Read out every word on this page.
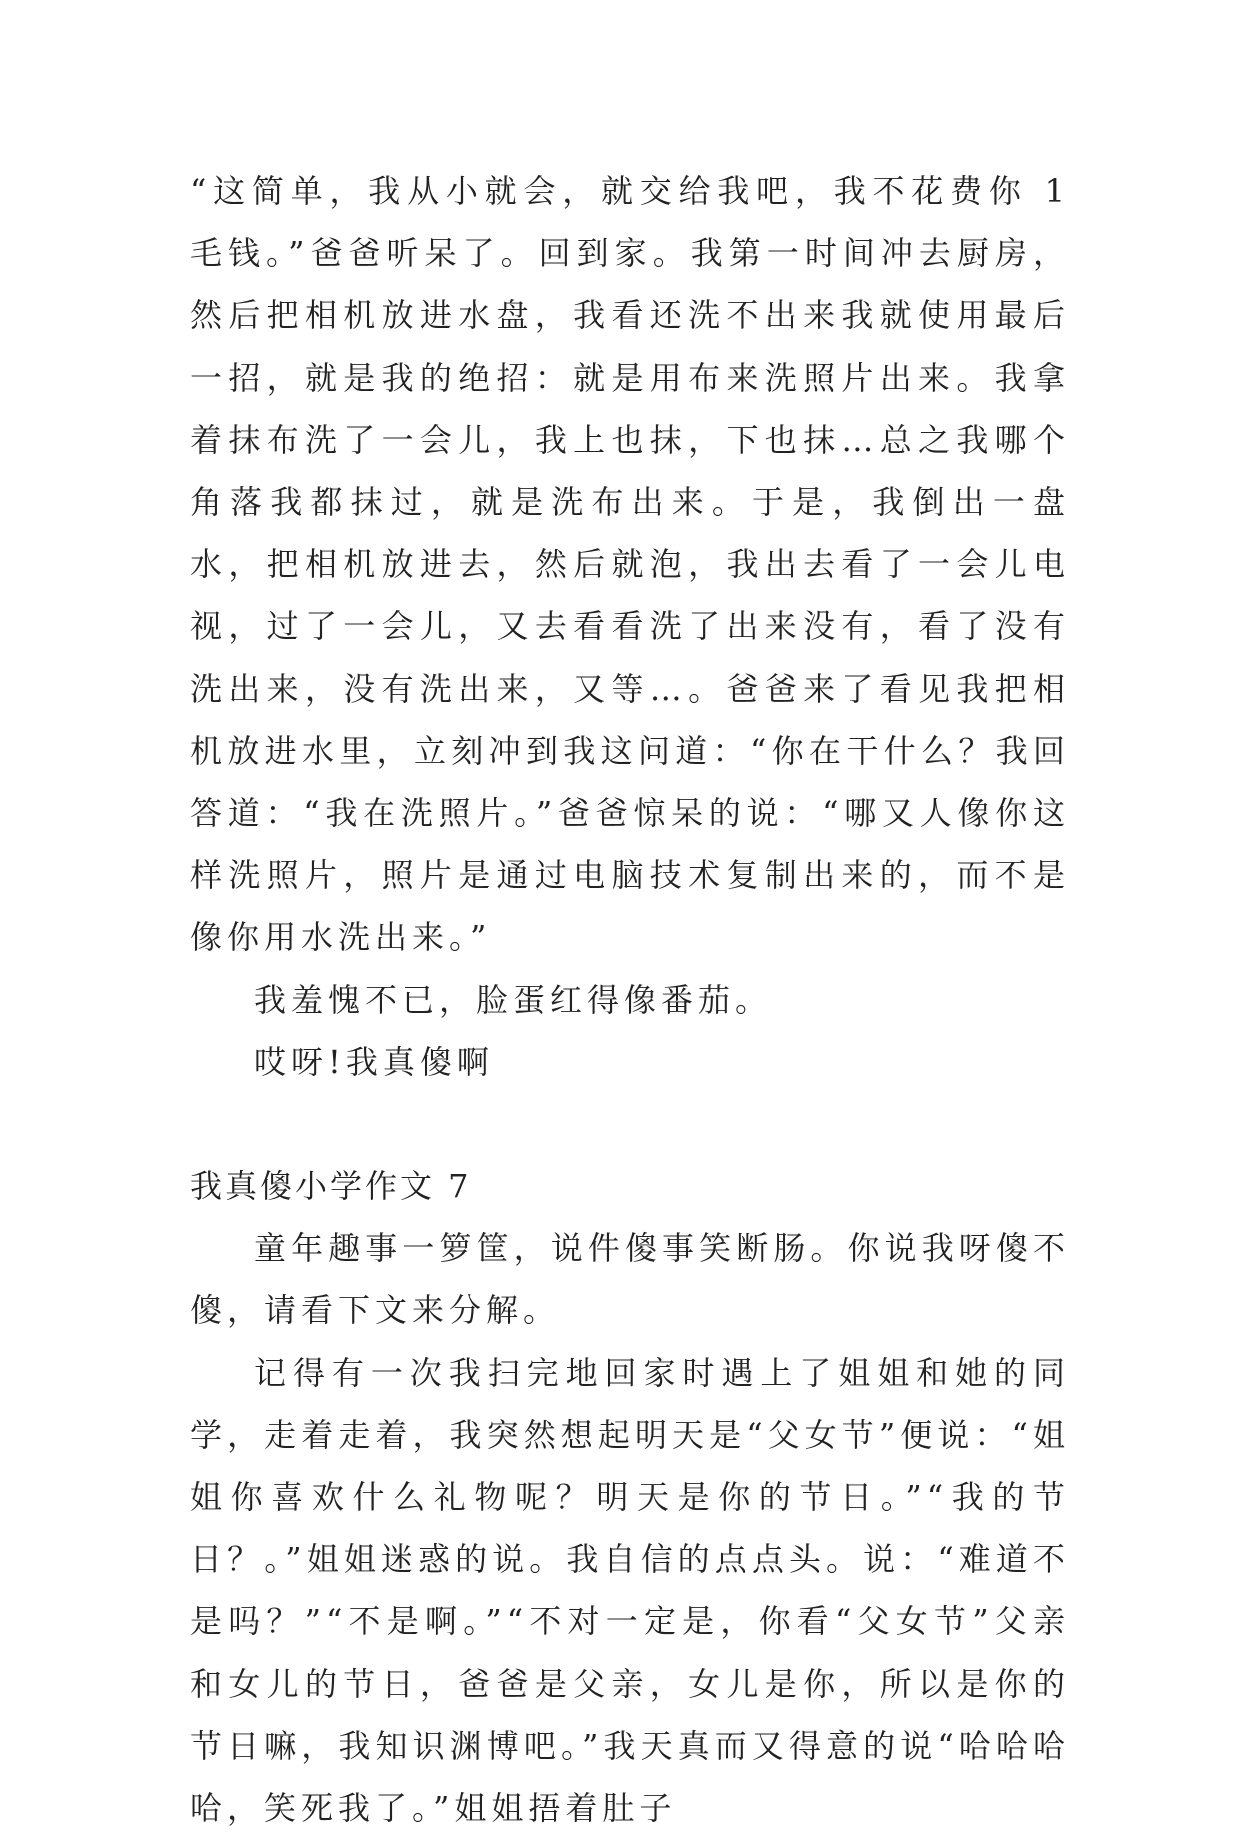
“这简单，我从小就会，就交给我吧，我不花费你 1 毛钱。”爸爸听呆了。回到家。我第一时间冲去厨房，然后把相机放进水盘，我看还洗不出来我就使用最后一招，就是我的绝招：就是用布来洗照片出来。我拿着抹布洗了一会儿，我上也抹，下也抹…总之我哪个角落我都抹过，就是洗布出来。于是，我倒出一盘水，把相机放进去，然后就泡，我出去看了一会儿电视，过了一会儿，又去看看洗了出来没有，看了没有洗出来，没有洗出来，又等…。爸爸来了看见我把相机放进水里，立刻冲到我这问道：“你在干什么？我回答道：“我在洗照片。”爸爸惊呆的说：“哪又人像你这样洗照片，照片是通过电脑技术复制出来的，而不是像你用水洗出来。”

我羞愧不已，脸蛋红得像番茄。

哎呀!我真傻啊

我真傻小学作文 7

童年趣事一箩筐，说件傻事笑断肠。你说我呀傻不傻，请看下文来分解。

记得有一次我扫完地回家时遇上了姐姐和她的同学，走着走着，我突然想起明天是“父女节”便说：“姐姐你喜欢什么礼物呢？明天是你的节日。”“我的节日？。”姐姐迷惑的说。我自信的点点头。说：“难道不是吗？”“不是啊。”“不对一定是，你看“父女节”父亲和女儿的节日，爸爸是父亲，女儿是你，所以是你的节日嘛，我知识渊博吧。”我天真而又得意的说“哈哈哈哈，笑死我了。”姐姐捂着肚子
